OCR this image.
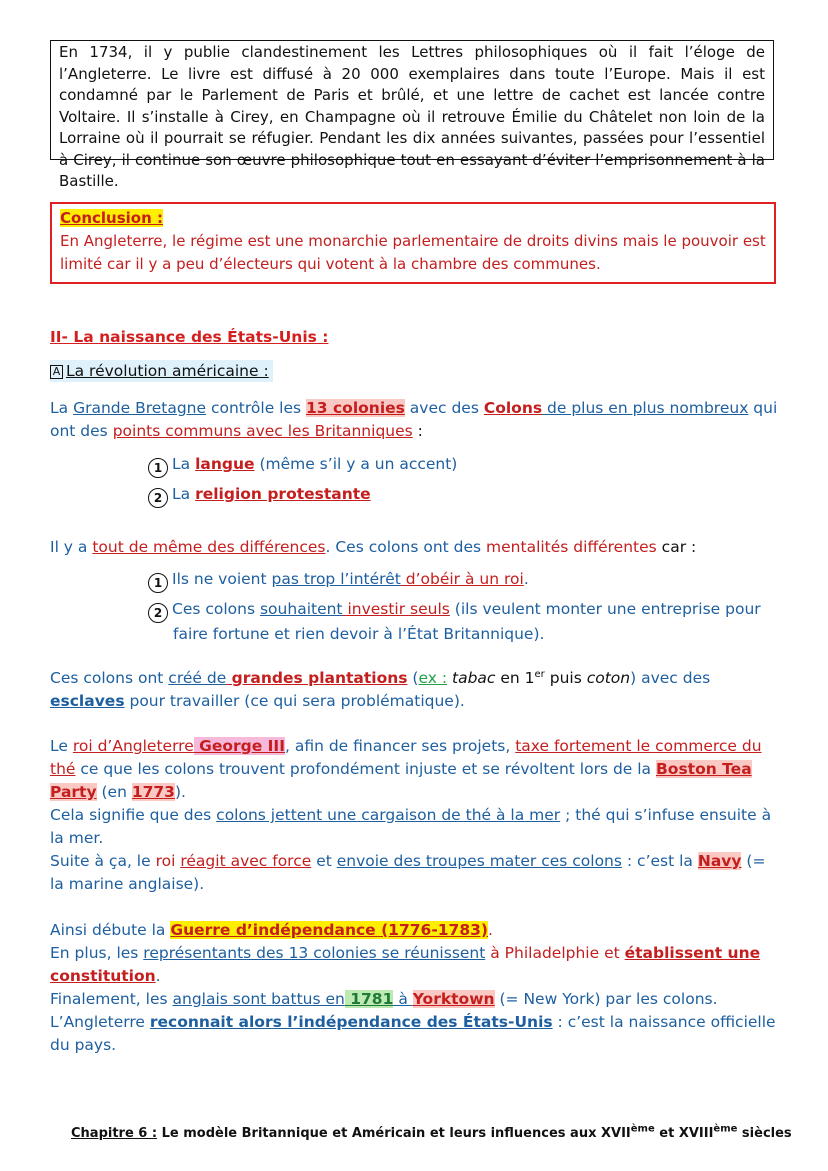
En 1734, il y publie clandestinement les Lettres philosophiques où il fait l’éloge de l’Angleterre. Le livre est diffusé à 20 000 exemplaires dans toute l’Europe. Mais il est condamné par le Parlement de Paris et brûlé, et une lettre de cachet est lancée contre Voltaire. Il s’installe à Cirey, en Champagne où il retrouve Émilie du Châtelet non loin de la Lorraine où il pourrait se réfugier. Pendant les dix années suivantes, passées pour l’essentiel à Cirey, il continue son œuvre philosophique tout en essayant d’éviter l’emprisonnement à la Bastille.
Conclusion :
En Angleterre, le régime est une monarchie parlementaire de droits divins mais le pouvoir est limité car il y a peu d’électeurs qui votent à la chambre des communes.
II- La naissance des États-Unis :
A La révolution américaine :
La Grande Bretagne contrôle les 13 colonies avec des Colons de plus en plus nombreux qui ont des points communs avec les Britanniques :
1 La langue (même s’il y a un accent)
2 La religion protestante
Il y a tout de même des différences. Ces colons ont des mentalités différentes car :
1 Ils ne voient pas trop l’intérêt d’obéir à un roi.
2 Ces colons souhaitent investir seuls (ils veulent monter une entreprise pour
faire fortune et rien devoir à l’État Britannique).
Ces colons ont créé de grandes plantations (ex : tabac en 1er puis coton) avec des esclaves pour travailler (ce qui sera problématique).
Le roi d’Angleterre George III, afin de financer ses projets, taxe fortement le commerce du thé ce que les colons trouvent profondément injuste et se révoltent lors de la Boston Tea Party (en 1773).
Cela signifie que des colons jettent une cargaison de thé à la mer ; thé qui s’infuse ensuite à la mer.
Suite à ça, le roi réagit avec force et envoie des troupes mater ces colons : c’est la Navy (= la marine anglaise).
Ainsi débute la Guerre d’indépendance (1776-1783).
En plus, les représentants des 13 colonies se réunissent à Philadelphie et établissent une constitution.
Finalement, les anglais sont battus en 1781 à Yorktown (= New York) par les colons.
L’Angleterre reconnait alors l’indépendance des États-Unis : c’est la naissance officielle du pays.
Chapitre 6 : Le modèle Britannique et Américain et leurs influences aux XVIIème et XVIIIème siècles
